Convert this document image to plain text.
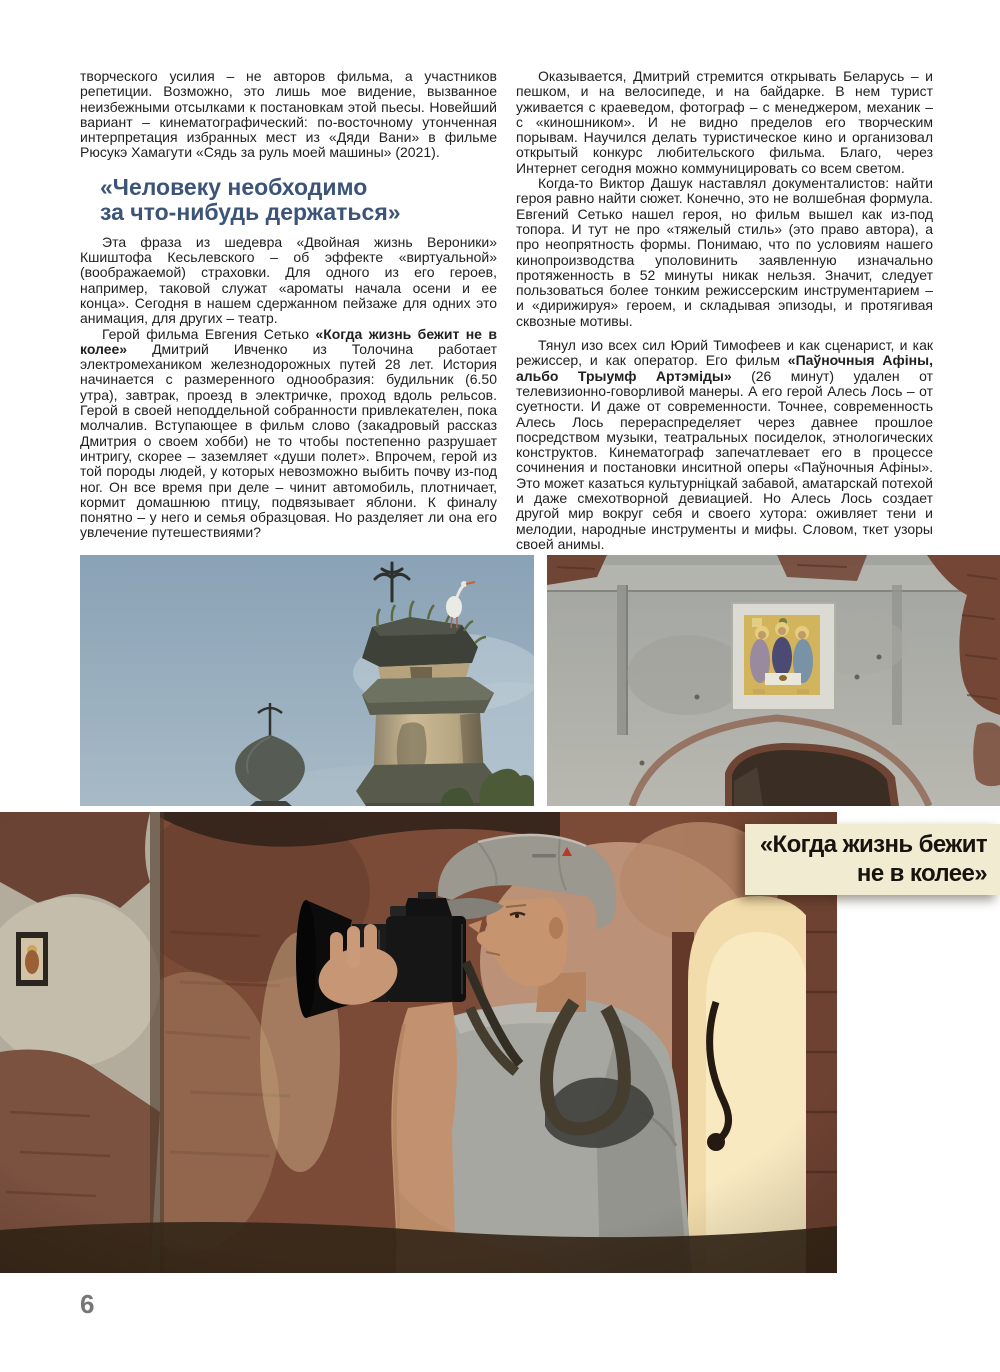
творческого усилия – не авторов фильма, а участников репетиции. Возможно, это лишь мое видение, вызванное неизбежными отсылками к постановкам этой пьесы. Новейший вариант – кинематографический: по-восточному утонченная интерпретация избранных мест из «Дяди Вани» в фильме Рюсукэ Хамагути «Сядь за руль моей машины» (2021).

«Человеку необходимо
за что-нибудь держаться»

Эта фраза из шедевра «Двойная жизнь Вероники» Кшиштофа Кесьлевского – об эффекте «виртуальной» (воображаемой) страховки. Для одного из его героев, например, таковой служат «ароматы начала осени и ее конца». Сегодня в нашем сдержанном пейзаже для одних это анимация, для других – театр.

Герой фильма Евгения Сетько «Когда жизнь бежит не в колее» Дмитрий Ивченко из Толочина работает электромехаником железнодорожных путей 28 лет. История начинается с размеренного однообразия: будильник (6.50 утра), завтрак, проезд в электричке, проход вдоль рельсов. Герой в своей неподдельной собранности привлекателен, пока молчалив. Вступающее в фильм слово (закадровый рассказ Дмитрия о своем хобби) не то чтобы постепенно разрушает интригу, скорее – заземляет «души полет». Впрочем, герой из той породы людей, у которых невозможно выбить почву из-под ног. Он все время при деле – чинит автомобиль, плотничает, кормит домашнюю птицу, подвязывает яблони. К финалу понятно – у него и семья образцовая. Но разделяет ли она его увлечение путешествиями?

Оказывается, Дмитрий стремится открывать Беларусь – и пешком, и на велосипеде, и на байдарке. В нем турист уживается с краеведом, фотограф – с менеджером, механик – с «киношником». И не видно пределов его творческим порывам. Научился делать туристическое кино и организовал открытый конкурс любительского фильма. Благо, через Интернет сегодня можно коммуницировать со всем светом.

Когда-то Виктор Дашук наставлял документалистов: найти героя равно найти сюжет. Конечно, это не волшебная формула. Евгений Сетько нашел героя, но фильм вышел как из-под топора. И тут не про «тяжелый стиль» (это право автора), а про неопрятность формы. Понимаю, что по условиям нашего кинопроизводства уполовинить заявленную изначально протяженность в 52 минуты никак нельзя. Значит, следует пользоваться более тонким режиссерским инструментарием – и «дирижируя» героем, и складывая эпизоды, и протягивая сквозные мотивы.

Тянул изо всех сил Юрий Тимофеев и как сценарист, и как режиссер, и как оператор. Его фильм «Паўночныя Афіны, альбо Трыумф Артэміды» (26 минут) удален от телевизионно-говорливой манеры. А его герой Алесь Лось – от суетности. И даже от современности. Точнее, современность Алесь Лось перераспределяет через давнее прошлое посредством музыки, театральных посиделок, этнологических конструктов. Кинематограф запечатлевает его в процессе сочинения и постановки инситной оперы «Паўночныя Афіны». Это может казаться культурніцкай забавой, аматарскай потехой и даже смехотворной девиацией. Но Алесь Лось создает другой мир вокруг себя и своего хутора: оживляет тени и мелодии, народные инструменты и мифы. Словом, ткет узоры своей анимы.

«Когда жизнь бежит
не в колее»
6
